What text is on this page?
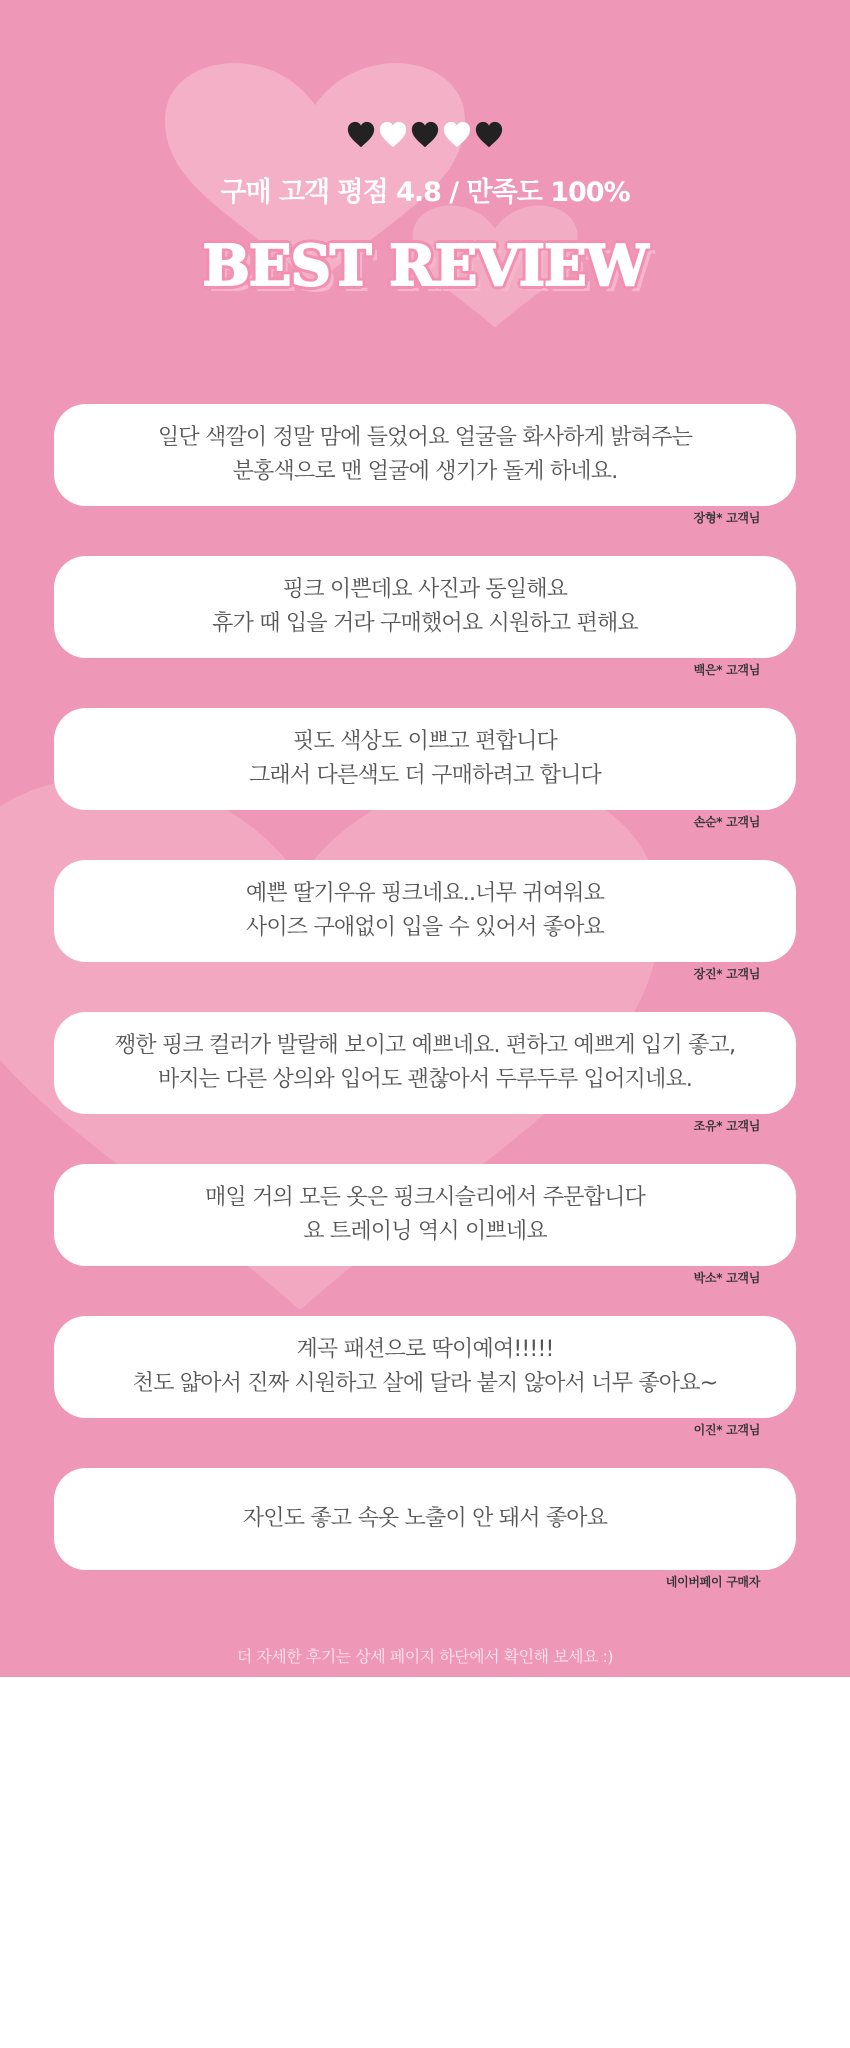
구매 고객 평점 4.8 / 만족도 100%
BEST REVIEW
일단 색깔이 정말 맘에 들었어요 얼굴을 화사하게 밝혀주는
분홍색으로 맨 얼굴에 생기가 돌게 하네요.
장형* 고객님
핑크 이쁜데요 사진과 동일해요
휴가 때 입을 거라 구매했어요 시원하고 편해요
백은* 고객님
핏도 색상도 이쁘고 편합니다
그래서 다른색도 더 구매하려고 합니다
손순* 고객님
예쁜 딸기우유 핑크네요..너무 귀여워요
사이즈 구애없이 입을 수 있어서 좋아요
장진* 고객님
쨍한 핑크 컬러가 발랄해 보이고 예쁘네요. 편하고 예쁘게 입기 좋고,
바지는 다른 상의와 입어도 괜찮아서 두루두루 입어지네요.
조유* 고객님
매일 거의 모든 옷은 핑크시슬리에서 주문합니다
요 트레이닝 역시 이쁘네요
박소* 고객님
계곡 패션으로 딱이예여!!!!!
천도 얇아서 진짜 시원하고 살에 달라 붙지 않아서 너무 좋아요~
이진* 고객님
자인도 좋고 속옷 노출이 안 돼서 좋아요
네이버페이 구매자
더 자세한 후기는 상세 페이지 하단에서 확인해 보세요 :)
